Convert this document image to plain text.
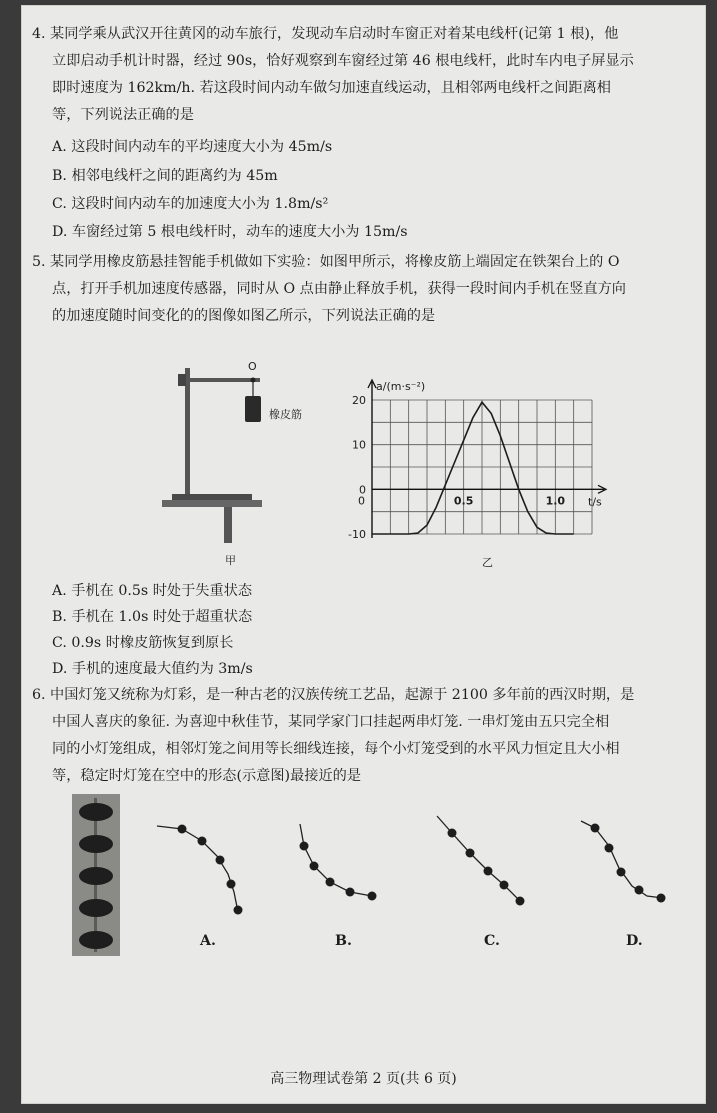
4. 某同学乘从武汉开往黄冈的动车旅行，发现动车启动时车窗正对着某电线杆(记第 1 根)，他
立即启动手机计时器，经过 90s，恰好观察到车窗经过第 46 根电线杆，此时车内电子屏显示
即时速度为 162km/h. 若这段时间内动车做匀加速直线运动，且相邻两电线杆之间距离相
等，下列说法正确的是
A. 这段时间内动车的平均速度大小为 45m/s
B. 相邻电线杆之间的距离约为 45m
C. 这段时间内动车的加速度大小为 1.8m/s²
D. 车窗经过第 5 根电线杆时，动车的速度大小为 15m/s
5. 某同学用橡皮筋悬挂智能手机做如下实验：如图甲所示，将橡皮筋上端固定在铁架台上的 O
点，打开手机加速度传感器，同时从 O 点由静止释放手机，获得一段时间内手机在竖直方向
的加速度随时间变化的的图像如图乙所示，下列说法正确的是
O
橡皮筋
甲
20
10
0
-10
0.5	1.0
a/(m·s⁻²)
t/s
0
乙
A. 手机在 0.5s 时处于失重状态
B. 手机在 1.0s 时处于超重状态
C. 0.9s 时橡皮筋恢复到原长
D. 手机的速度最大值约为 3m/s
6. 中国灯笼又统称为灯彩，是一种古老的汉族传统工艺品，起源于 2100 多年前的西汉时期，是
中国人喜庆的象征. 为喜迎中秋佳节，某同学家门口挂起两串灯笼. 一串灯笼由五只完全相
同的小灯笼组成，相邻灯笼之间用等长细线连接，每个小灯笼受到的水平风力恒定且大小相
等，稳定时灯笼在空中的形态(示意图)最接近的是
A.	B.	C.	D.
高三物理试卷第 2 页(共 6 页)
